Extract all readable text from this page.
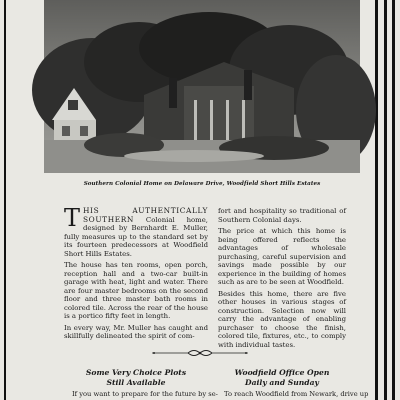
Southern Colonial Home on Delaware Drive, Woodfield Short Hills Estates

THIS AUTHENTICALLY SOUTHERN Colonial home, designed by Bernhardt E. Muller, fully measures up to the standard set by its fourteen predecessors at Woodfield Short Hills Estates.

The house has ten rooms, open porch, reception hall and a two-car built-in garage with heat, light and water. There are four master bedrooms on the second floor and three master bath rooms in colored tile. Across the rear of the house is a portico fifty feet in length.

In every way, Mr. Muller has caught and skillfully delineated the spirit of com-

fort and hospitality so traditional of Southern Colonial days.

The price at which this home is being offered reflects the advantages of wholesale purchasing, careful supervision and savings made possible by our experience in the building of homes such as are to be seen at Woodfield.

Besides this home, there are five other houses in various stages of construction. Selection now will carry the advantage of enabling purchaser to choose the finish, colored tile, fixtures, etc., to comply with individual tastes.

Some Very Choice Plots
Still Available
Woodfield Office Open
Daily and Sunday
If you want to prepare for the future by se- To reach Woodfield from Newark, drive up
